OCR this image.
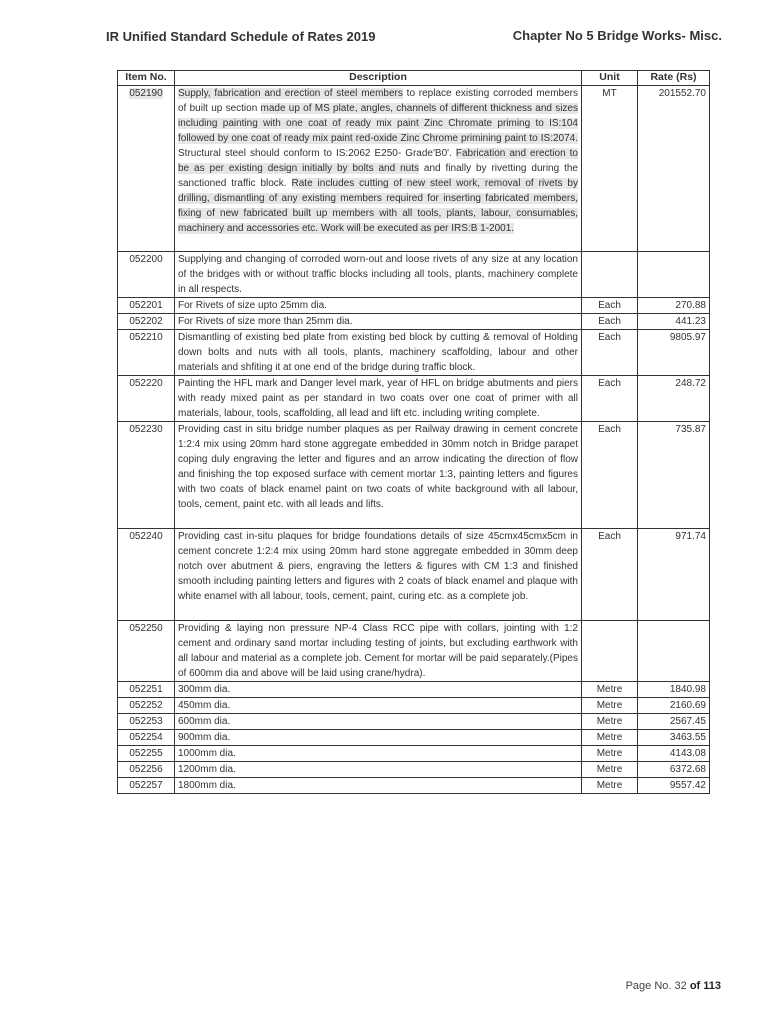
IR Unified Standard Schedule of Rates 2019	Chapter No 5 Bridge Works- Misc.
Item No.	Description	Unit	Rate (Rs)
052190	Supply, fabrication and erection of steel members to replace existing corroded members of built up section made up of MS plate, angles, channels of different thickness and sizes including painting with one coat of ready mix paint Zinc Chromate priming to IS:104 followed by one coat of ready mix paint red-oxide Zinc Chrome primining paint to IS:2074. Structural steel should conform to IS:2062 E250- Grade'B0'. Fabrication and erection to be as per existing design initially by bolts and nuts and finally by rivetting during the sanctioned traffic block. Rate includes cutting of new steel work, removal of rivets by drilling, dismantling of any existing members required for inserting fabricated members, fixing of new fabricated built up members with all tools, plants, labour, consumables, machinery and accessories etc. Work will be executed as per IRS:B 1-2001.	MT	201552.70
052200	Supplying and changing of corroded worn-out and loose rivets of any size at any location of the bridges with or without traffic blocks including all tools, plants, machinery complete in all respects.		
052201	For Rivets of size upto 25mm dia.	Each	270.88
052202	For Rivets of size more than 25mm dia.	Each	441.23
052210	Dismantling of existing bed plate from existing bed block by cutting & removal of Holding down bolts and nuts with all tools, plants, machinery scaffolding, labour and other materials and shfiting it at one end of the bridge during traffic block.	Each	9805.97
052220	Painting the HFL mark and Danger level mark, year of HFL on bridge abutments and piers with ready mixed paint as per standard in two coats over one coat of primer with all materials, labour, tools, scaffolding, all lead and lift etc. including writing complete.	Each	248.72
052230	Providing cast in situ bridge number plaques as per Railway drawing in cement concrete 1:2:4 mix using 20mm hard stone aggregate embedded in 30mm notch in Bridge parapet coping duly engraving the letter and figures and an arrow indicating the direction of flow and finishing the top exposed surface with cement mortar 1:3, painting letters and figures with two coats of black enamel paint on two coats of white background with all labour, tools, cement, paint etc. with all leads and lifts.	Each	735.87
052240	Providing cast in-situ plaques for bridge foundations details of size 45cmx45cmx5cm in cement concrete 1:2:4 mix using 20mm hard stone aggregate embedded in 30mm deep notch over abutment & piers, engraving the letters & figures with CM 1:3 and finished smooth including painting letters and figures with 2 coats of black enamel and plaque with white enamel with all labour, tools, cement, paint, curing etc. as a complete job.	Each	971.74
052250	Providing & laying non pressure NP-4 Class RCC pipe with collars, jointing with 1:2 cement and ordinary sand mortar including testing of joints, but excluding earthwork with all labour and material as a complete job. Cement for mortar will be paid separately.(Pipes of 600mm dia and above will be laid using crane/hydra).		
052251	300mm dia.	Metre	1840.98
052252	450mm dia.	Metre	2160.69
052253	600mm dia.	Metre	2567.45
052254	900mm dia.	Metre	3463.55
052255	1000mm dia.	Metre	4143.08
052256	1200mm dia.	Metre	6372.68
052257	1800mm dia.	Metre	9557.42
Page No. 32 of 113
